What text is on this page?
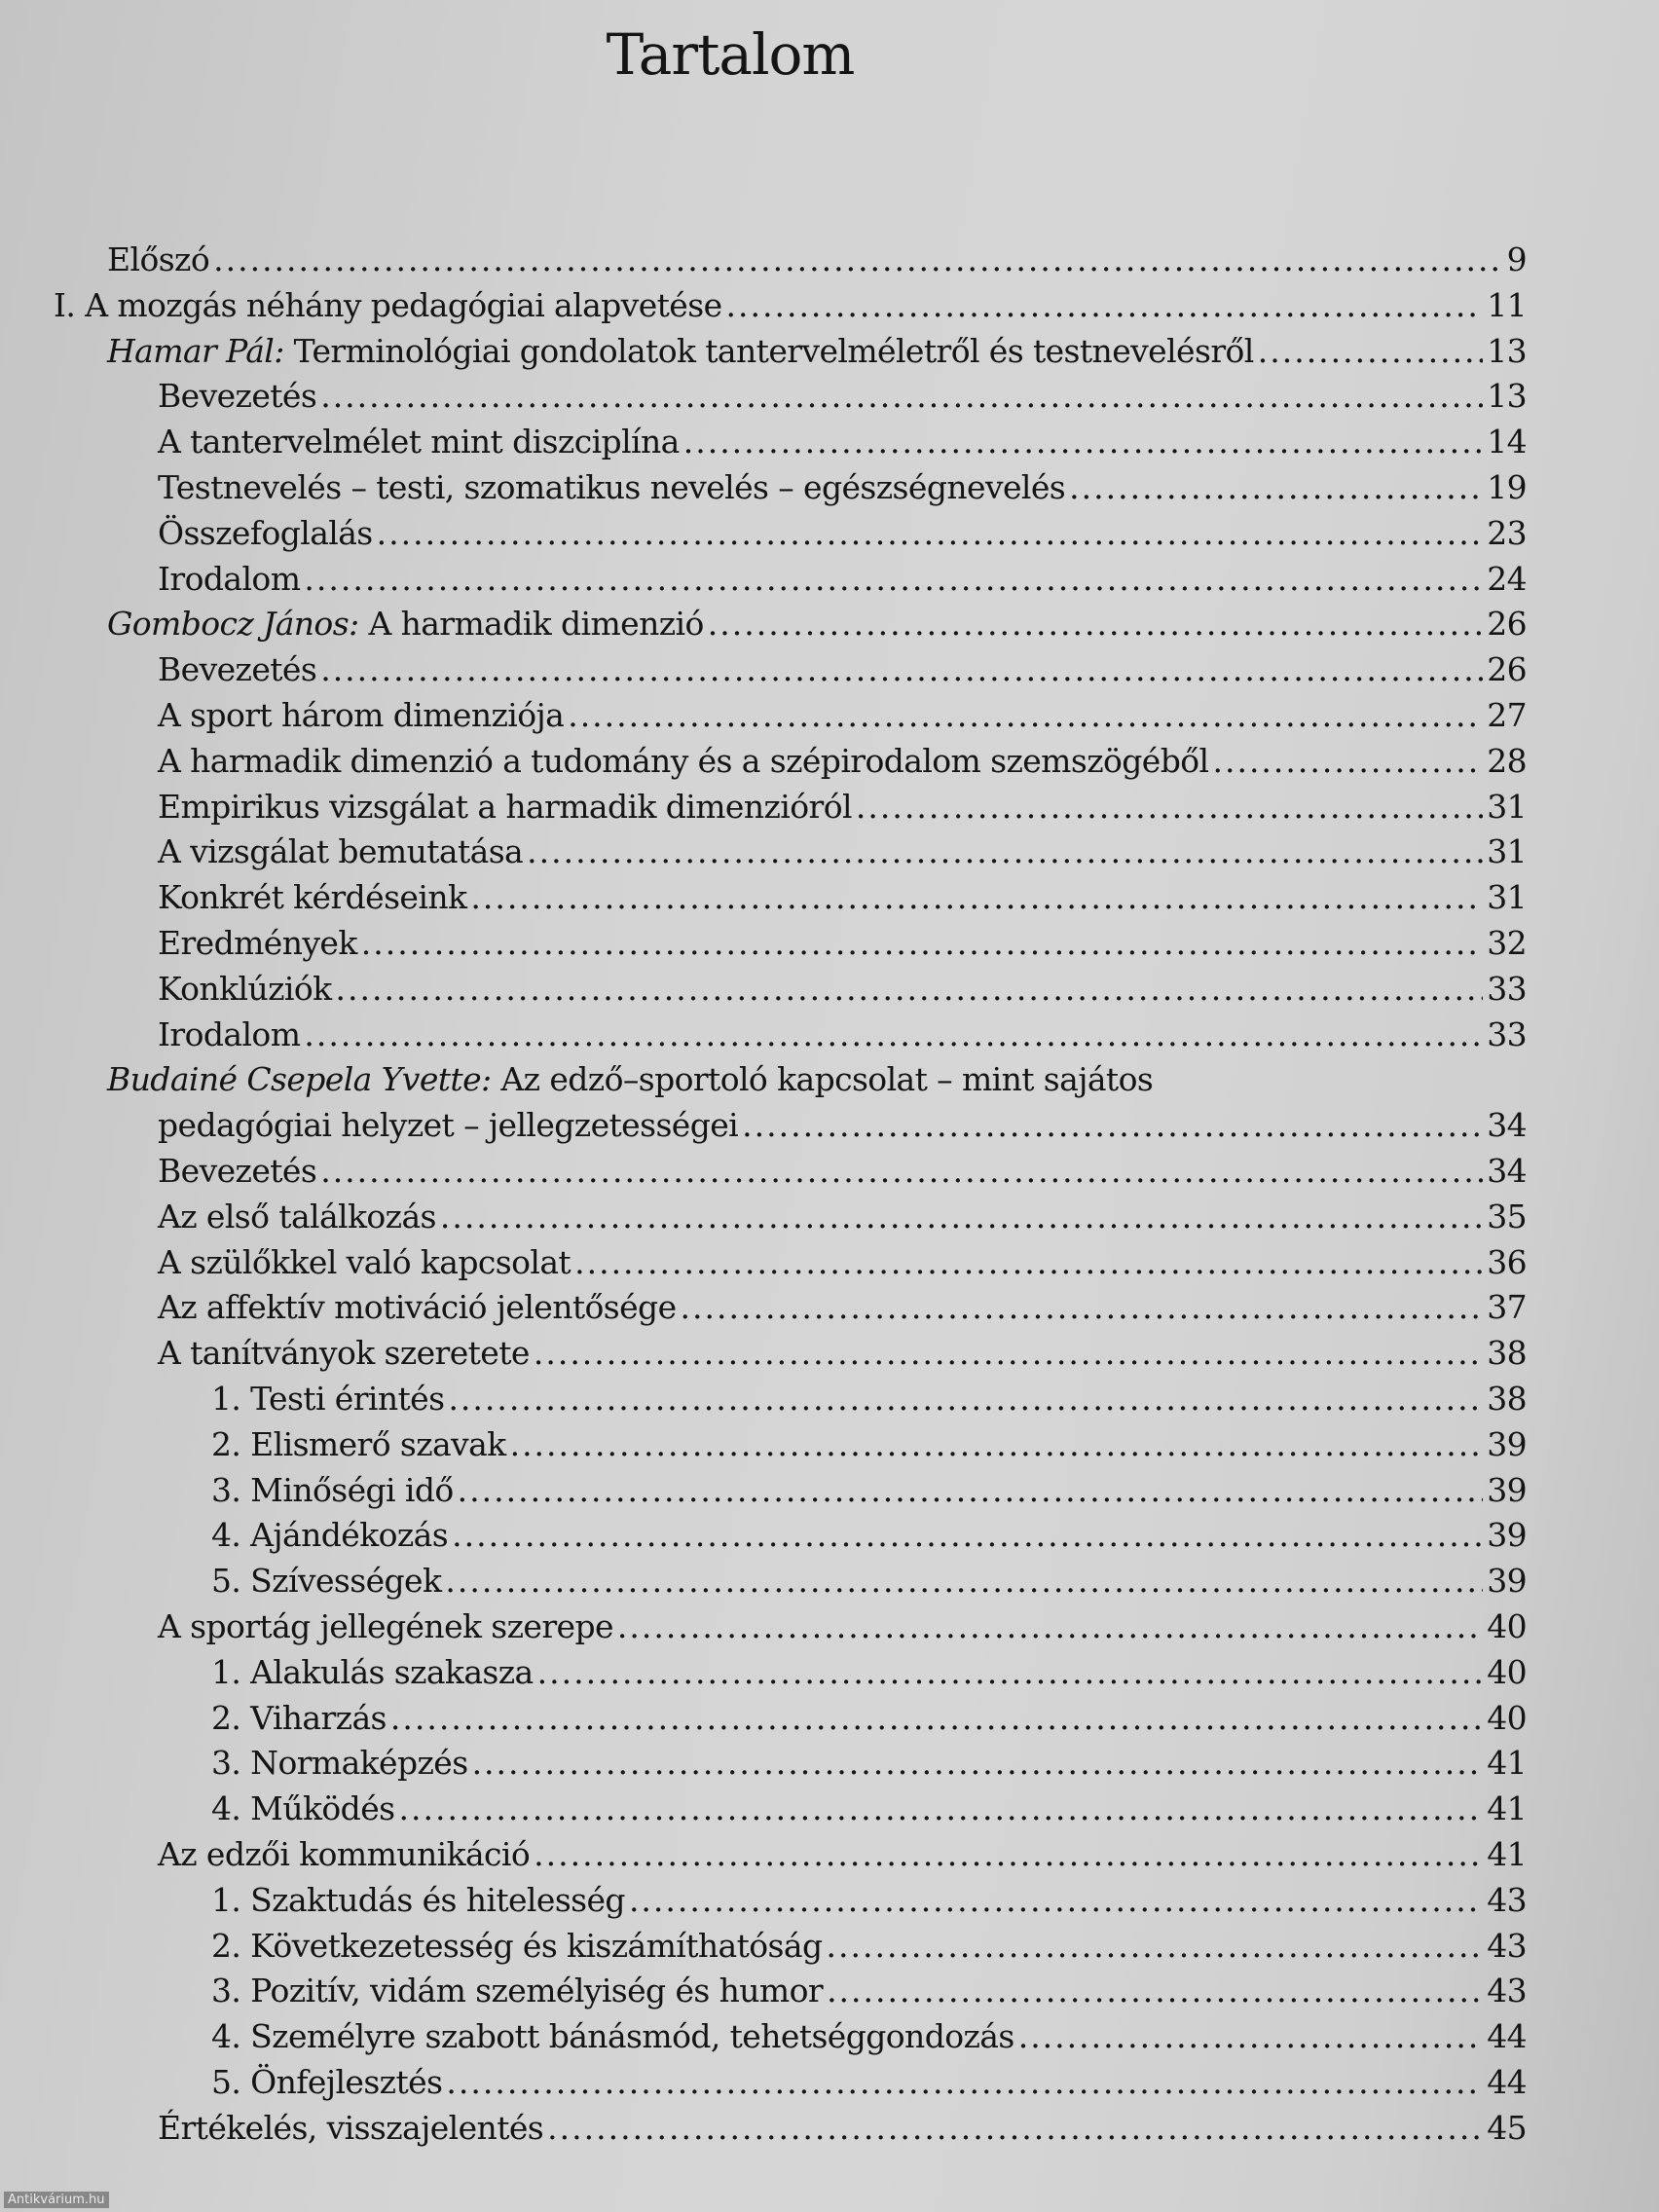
Tartalom
Előszó .....	9
I. A mozgás néhány pedagógiai alapvetése .....	11
Hamar Pál: Terminológiai gondolatok tantervelméletről és testnevelésről .....	13
Bevezetés .....	13
A tantervelmélet mint diszciplína .....	14
Testnevelés – testi, szomatikus nevelés – egészségnevelés .....	19
Összefoglalás .....	23
Irodalom .....	24
Gombocz János: A harmadik dimenzió .....	26
Bevezetés .....	26
A sport három dimenziója .....	27
A harmadik dimenzió a tudomány és a szépirodalom szemszögéből .....	28
Empirikus vizsgálat a harmadik dimenzióról .....	31
A vizsgálat bemutatása .....	31
Konkrét kérdéseink .....	31
Eredmények .....	32
Konklúziók .....	33
Irodalom .....	33
Budainé Csepela Yvette: Az edző–sportoló kapcsolat – mint sajátos
pedagógiai helyzet – jellegzetességei .....	34
Bevezetés .....	34
Az első találkozás .....	35
A szülőkkel való kapcsolat .....	36
Az affektív motiváció jelentősége .....	37
A tanítványok szeretete .....	38
1. Testi érintés .....	38
2. Elismerő szavak .....	39
3. Minőségi idő .....	39
4. Ajándékozás .....	39
5. Szívességek .....	39
A sportág jellegének szerepe .....	40
1. Alakulás szakasza .....	40
2. Viharzás .....	40
3. Normaképzés .....	41
4. Működés .....	41
Az edzői kommunikáció .....	41
1. Szaktudás és hitelesség .....	43
2. Következetesség és kiszámíthatóság .....	43
3. Pozitív, vidám személyiség és humor .....	43
4. Személyre szabott bánásmód, tehetséggondozás .....	44
5. Önfejlesztés .....	44
Értékelés, visszajelentés .....	45
Antikvárium.hu
